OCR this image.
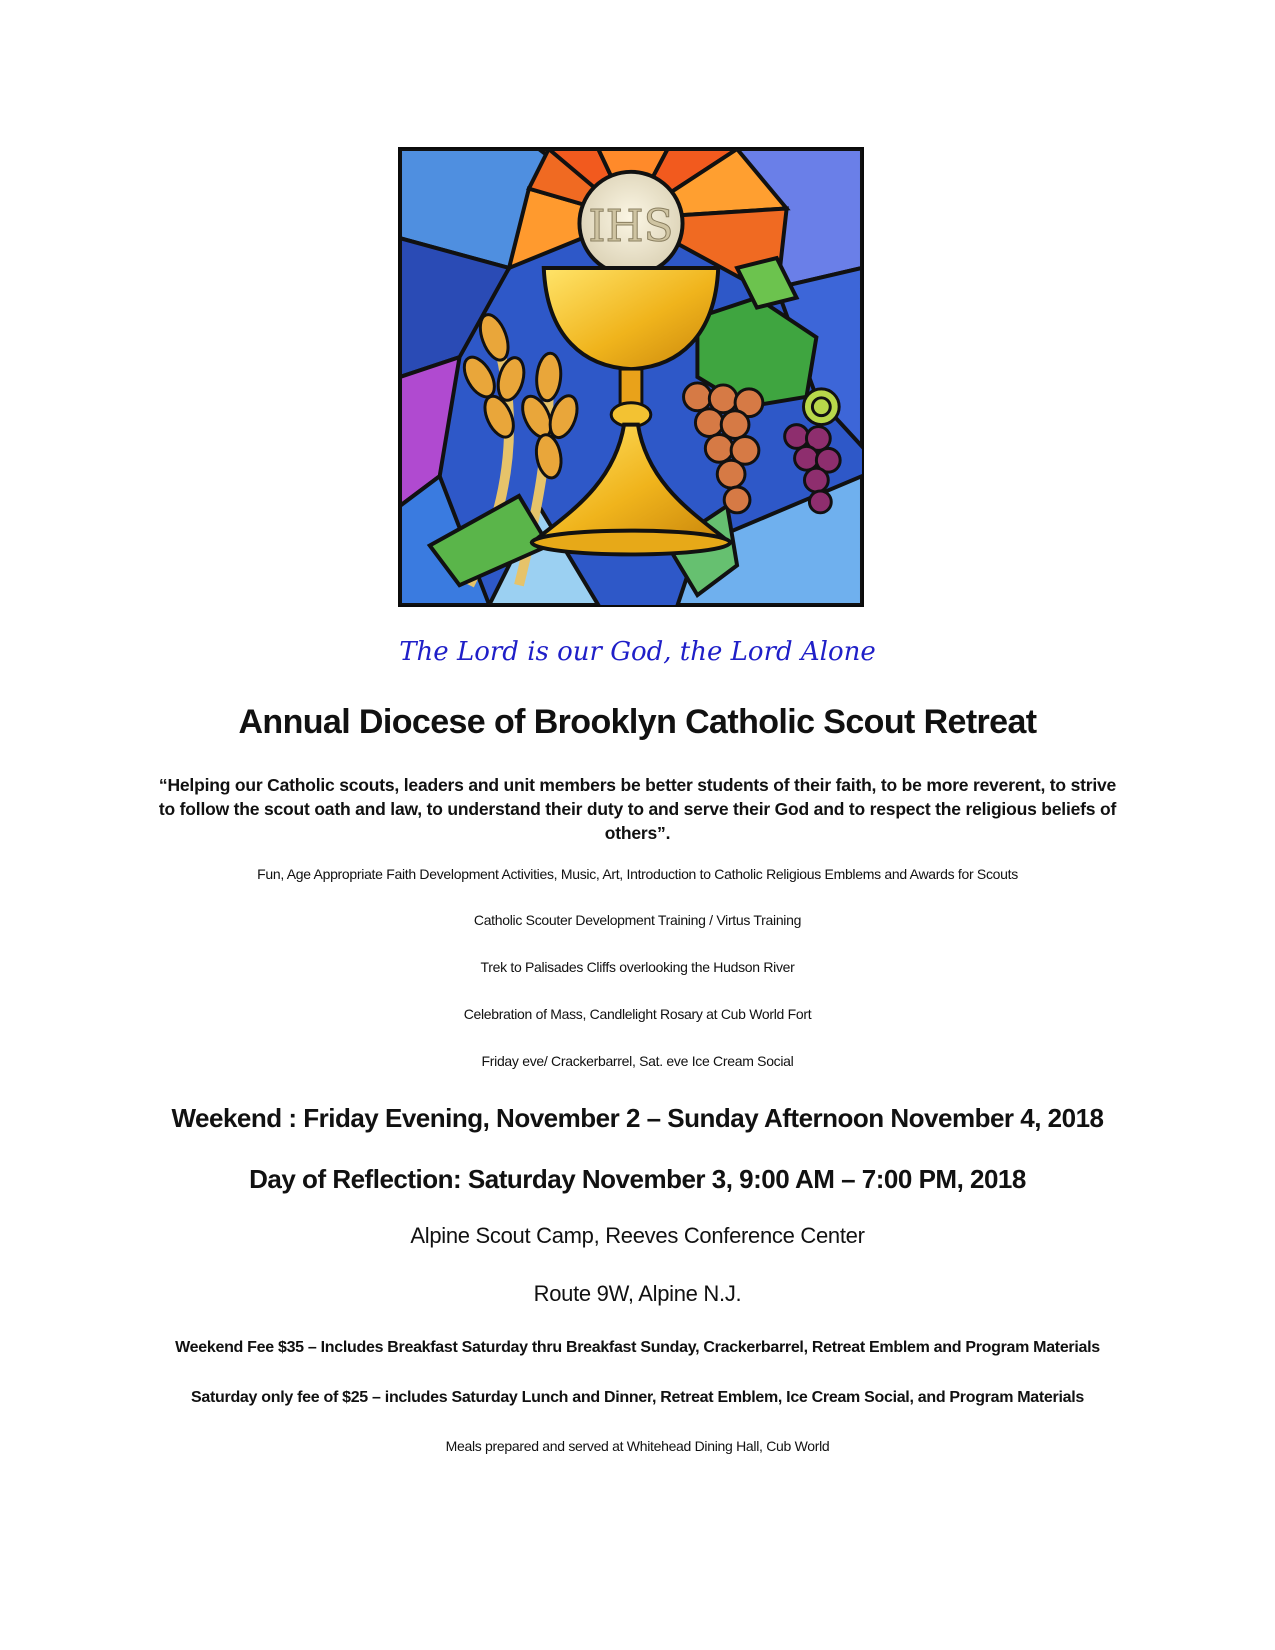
IHS
The Lord is our God, the Lord Alone
Annual Diocese of Brooklyn Catholic Scout Retreat
“Helping our Catholic scouts, leaders and unit members be better students of their faith, to be more reverent, to strive to follow the scout oath and law, to understand their duty to and serve their God and to respect the religious beliefs of others”.
Fun, Age Appropriate Faith Development Activities, Music, Art, Introduction to Catholic Religious Emblems and Awards for Scouts
Catholic Scouter Development Training / Virtus Training
Trek to Palisades Cliffs overlooking the Hudson River
Celebration of Mass, Candlelight Rosary at Cub World Fort
Friday eve/ Crackerbarrel, Sat. eve Ice Cream Social
Weekend : Friday Evening, November 2 – Sunday Afternoon November 4, 2018
Day of Reflection: Saturday November 3, 9:00 AM – 7:00 PM, 2018
Alpine Scout Camp, Reeves Conference Center
Route 9W, Alpine N.J.
Weekend Fee $35 – Includes Breakfast Saturday thru Breakfast Sunday, Crackerbarrel, Retreat Emblem and Program Materials
Saturday only fee of $25 – includes Saturday Lunch and Dinner, Retreat Emblem, Ice Cream Social, and Program Materials
Meals prepared and served at Whitehead Dining Hall, Cub World
